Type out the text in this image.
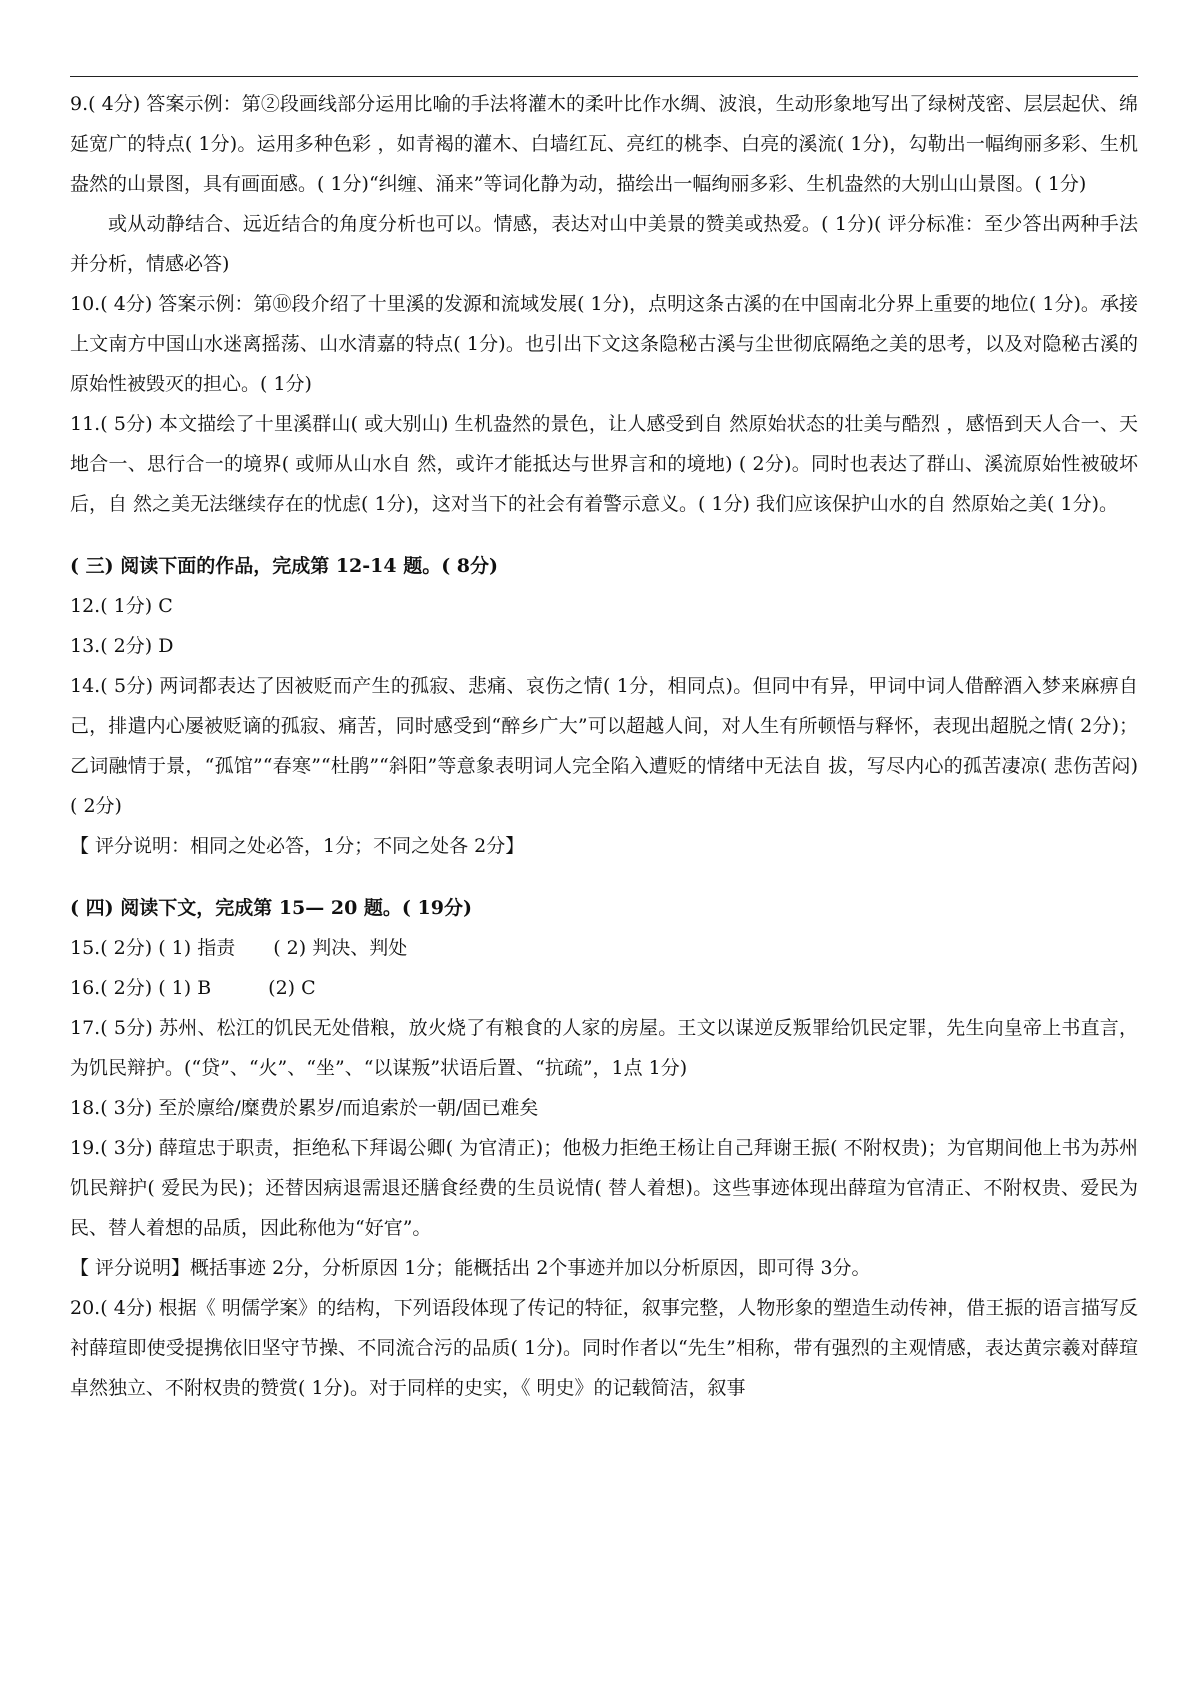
9.( 4分) 答案示例：第②段画线部分运用比喻的手法将灌木的柔叶比作水绸、波浪，生动形象地写出了绿树茂密、层层起伏、绵延宽广的特点( 1分)。运用多种色彩 ，如青褐的灌木、白墙红瓦、亮红的桃李、白亮的溪流( 1分)，勾勒出一幅绚丽多彩、生机盎然的山景图，具有画面感。( 1分)“纠缠、涌来”等词化静为动，描绘出一幅绚丽多彩、生机盎然的大别山山景图。( 1分)

或从动静结合、远近结合的角度分析也可以。情感，表达对山中美景的赞美或热爱。( 1分)( 评分标准：至少答出两种手法并分析，情感必答)

10.( 4分) 答案示例：第⑩段介绍了十里溪的发源和流域发展( 1分)，点明这条古溪的在中国南北分界上重要的地位( 1分)。承接上文南方中国山水迷离摇荡、山水清嘉的特点( 1分)。也引出下文这条隐秘古溪与尘世彻底隔绝之美的思考，以及对隐秘古溪的原始性被毁灭的担心。( 1分)

11.( 5分) 本文描绘了十里溪群山( 或大别山) 生机盎然的景色，让人感受到自 然原始状态的壮美与酷烈 ，感悟到天人合一、天地合一、思行合一的境界( 或师从山水自 然，或许才能抵达与世界言和的境地) ( 2分)。同时也表达了群山、溪流原始性被破坏后，自 然之美无法继续存在的忧虑( 1分)，这对当下的社会有着警示意义。( 1分) 我们应该保护山水的自 然原始之美( 1分)。

( 三) 阅读下面的作品，完成第 12-14 题。( 8分)

12.( 1分) C

13.( 2分) D

14.( 5分) 两词都表达了因被贬而产生的孤寂、悲痛、哀伤之情( 1分，相同点)。但同中有异，甲词中词人借醉酒入梦来麻痹自己，排遣内心屡被贬谪的孤寂、痛苦，同时感受到“醉乡广大”可以超越人间，对人生有所顿悟与释怀，表现出超脱之情( 2分)；乙词融情于景，“孤馆”“春寒”“杜鹃”“斜阳”等意象表明词人完全陷入遭贬的情绪中无法自 拔，写尽内心的孤苦凄凉( 悲伤苦闷) ( 2分)

【 评分说明：相同之处必答，1分；不同之处各 2分】

( 四) 阅读下文，完成第 15— 20 题。( 19分)

15.( 2分) ( 1) 指责　　( 2) 判决、判处

16.( 2分) ( 1) B　　　(2) C

17.( 5分) 苏州、松江的饥民无处借粮，放火烧了有粮食的人家的房屋。王文以谋逆反叛罪给饥民定罪，先生向皇帝上书直言，为饥民辩护。(“贷”、“火”、“坐”、“以谋叛”状语后置、“抗疏”，1点 1分)

18.( 3分) 至於廪给/糜费於累岁/而追索於一朝/固已难矣

19.( 3分) 薛瑄忠于职责，拒绝私下拜谒公卿( 为官清正)；他极力拒绝王杨让自己拜谢王振( 不附权贵)；为官期间他上书为苏州饥民辩护( 爱民为民)；还替因病退需退还膳食经费的生员说情( 替人着想)。这些事迹体现出薛瑄为官清正、不附权贵、爱民为民、替人着想的品质，因此称他为“好官”。

【 评分说明】概括事迹 2分，分析原因 1分；能概括出 2个事迹并加以分析原因，即可得 3分。

20.( 4分) 根据《 明儒学案》的结构，下列语段体现了传记的特征，叙事完整，人物形象的塑造生动传神，借王振的语言描写反衬薛瑄即使受提携依旧坚守节操、不同流合污的品质( 1分)。同时作者以“先生”相称，带有强烈的主观情感，表达黄宗羲对薛瑄卓然独立、不附权贵的赞赏( 1分)。对于同样的史实，《 明史》的记载简洁，叙事
